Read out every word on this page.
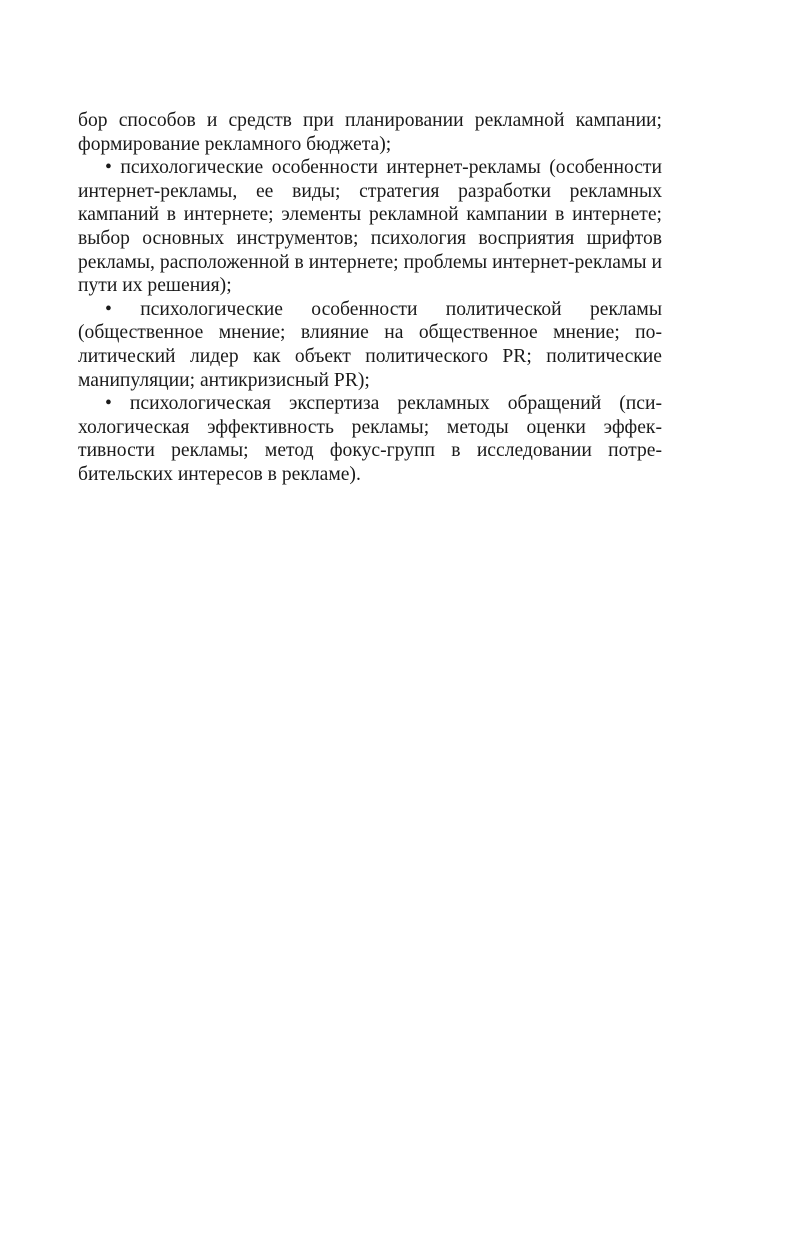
бор способов и средств при планировании рекламной кампании; формирование рекламного бюджета);

• психологические особенности интернет-рекламы (особенности интернет-рекламы, ее виды; стратегия разработки рекламных кампаний в интернете; элементы рекламной кампании в интернете; выбор основных инструментов; психология восприятия шрифтов рекламы, расположенной в интернете; проблемы интернет-рекламы и пути их решения);

• психологические особенности политической рекламы (общественное мнение; влияние на общественное мнение; политический лидер как объект политического PR; политические манипуляции; антикризисный PR);

• психологическая экспертиза рекламных обращений (психологическая эффективность рекламы; методы оценки эффективности рекламы; метод фокус-групп в исследовании потребительских интересов в рекламе).
